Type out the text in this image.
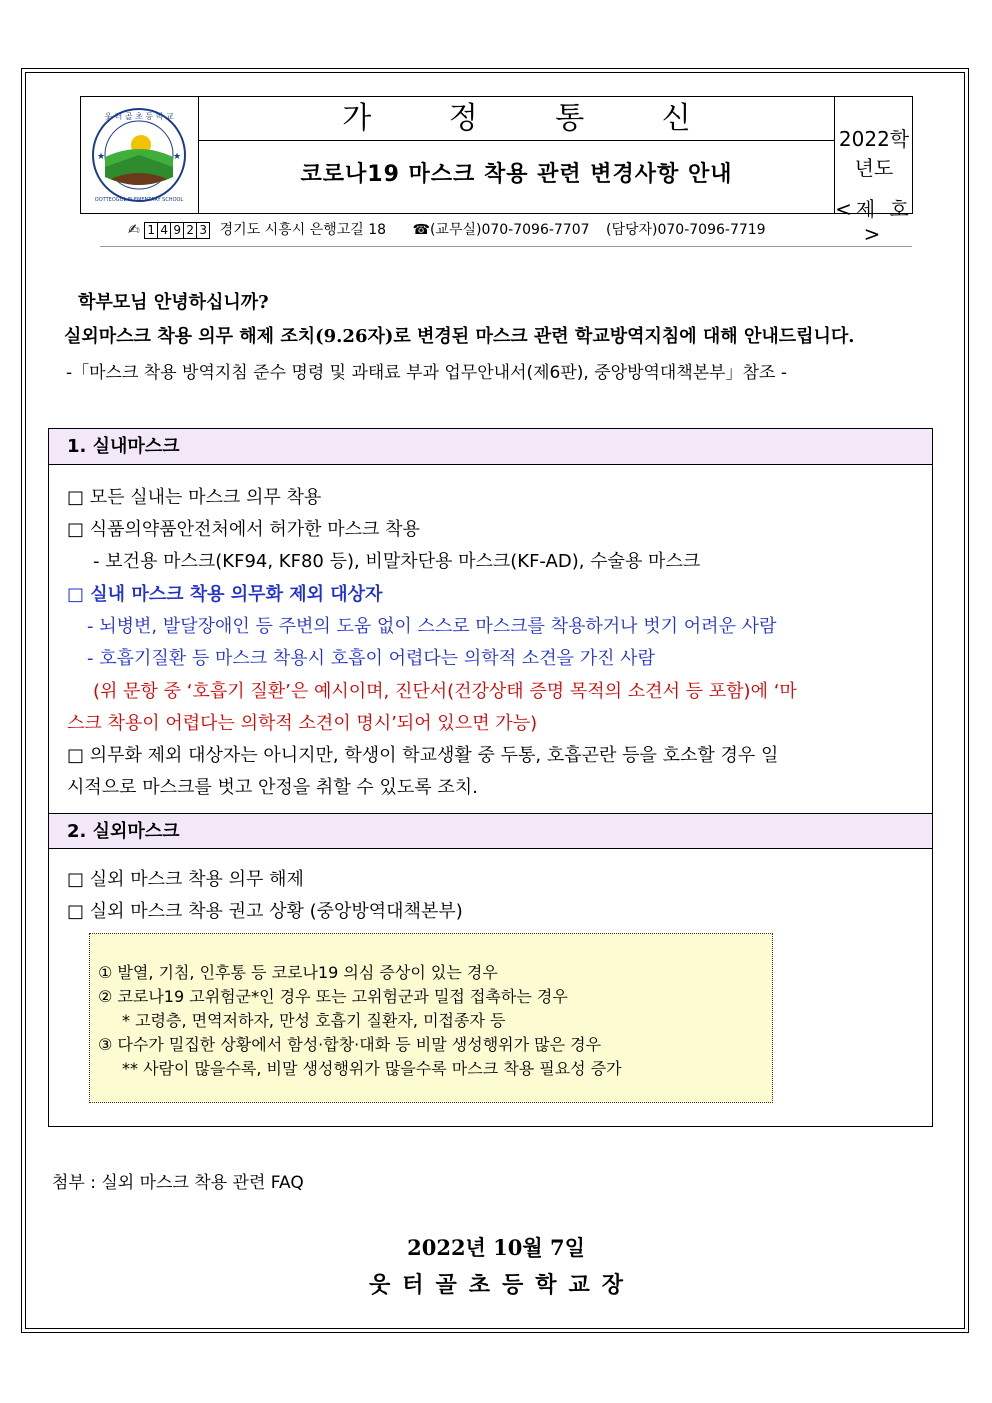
웃 터 골 초 등 학 교
OOTTEOGOL ELEMENTARY SCHOOL
★	★
가 정 통 신
코로나19 마스크 착용 관련 변경사항 안내
2022학년도
<제 호>
✍ 1 4 9 2 3 경기도 시흥시 은행고길 18 ☎(교무실)070-7096-7707 (담당자)070-7096-7719
학부모님 안녕하십니까?
실외마스크 착용 의무 해제 조치(9.26자)로 변경된 마스크 관련 학교방역지침에 대해 안내드립니다.
-「마스크 착용 방역지침 준수 명령 및 과태료 부과 업무안내서(제6판), 중앙방역대책본부」참조 -
1. 실내마스크
□ 모든 실내는 마스크 의무 착용
□ 식품의약품안전처에서 허가한 마스크 착용
- 보건용 마스크(KF94, KF80 등), 비말차단용 마스크(KF-AD), 수술용 마스크
□ 실내 마스크 착용 의무화 제외 대상자
- 뇌병변, 발달장애인 등 주변의 도움 없이 스스로 마스크를 착용하거나 벗기 어려운 사람
- 호흡기질환 등 마스크 착용시 호흡이 어렵다는 의학적 소견을 가진 사람
(위 문항 중 ‘호흡기 질환’은 예시이며, 진단서(건강상태 증명 목적의 소견서 등 포함)에 ‘마
스크 착용이 어렵다는 의학적 소견이 명시’되어 있으면 가능)
□ 의무화 제외 대상자는 아니지만, 학생이 학교생활 중 두통, 호흡곤란 등을 호소할 경우 일
시적으로 마스크를 벗고 안정을 취할 수 있도록 조치.
2. 실외마스크
□ 실외 마스크 착용 의무 해제
□ 실외 마스크 착용 권고 상황 (중앙방역대책본부)
① 발열, 기침, 인후통 등 코로나19 의심 증상이 있는 경우
② 코로나19 고위험군*인 경우 또는 고위험군과 밀접 접촉하는 경우
* 고령층, 면역저하자, 만성 호흡기 질환자, 미접종자 등
③ 다수가 밀집한 상황에서 함성·합창·대화 등 비말 생성행위가 많은 경우
** 사람이 많을수록, 비말 생성행위가 많을수록 마스크 착용 필요성 증가
첨부 : 실외 마스크 착용 관련 FAQ
2022년 10월 7일
웃터골초등학교장
